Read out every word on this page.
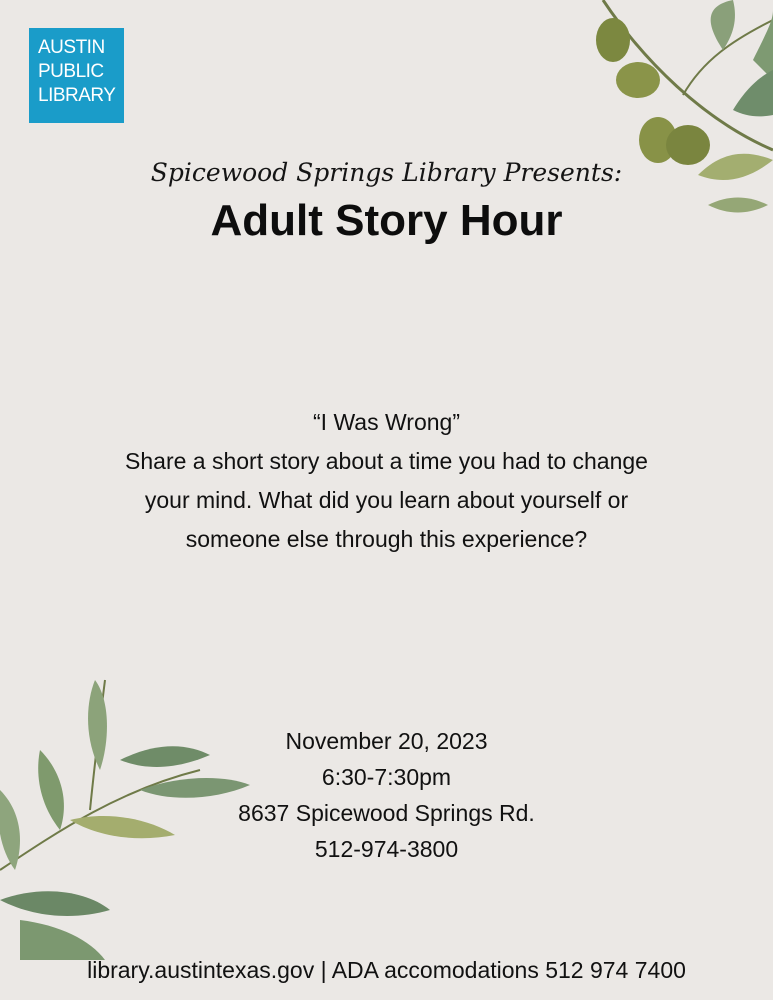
AUSTIN
PUBLIC
LIBRARY
Spicewood Springs Library Presents:
Adult Story Hour

“I Was Wrong”

Share a short story about a time you had to change your mind. What did you learn about yourself or someone else through this experience?

November 20, 2023

6:30-7:30pm

8637 Spicewood Springs Rd.

512-974-3800

library.austintexas.gov | ADA accomodations 512 974 7400
